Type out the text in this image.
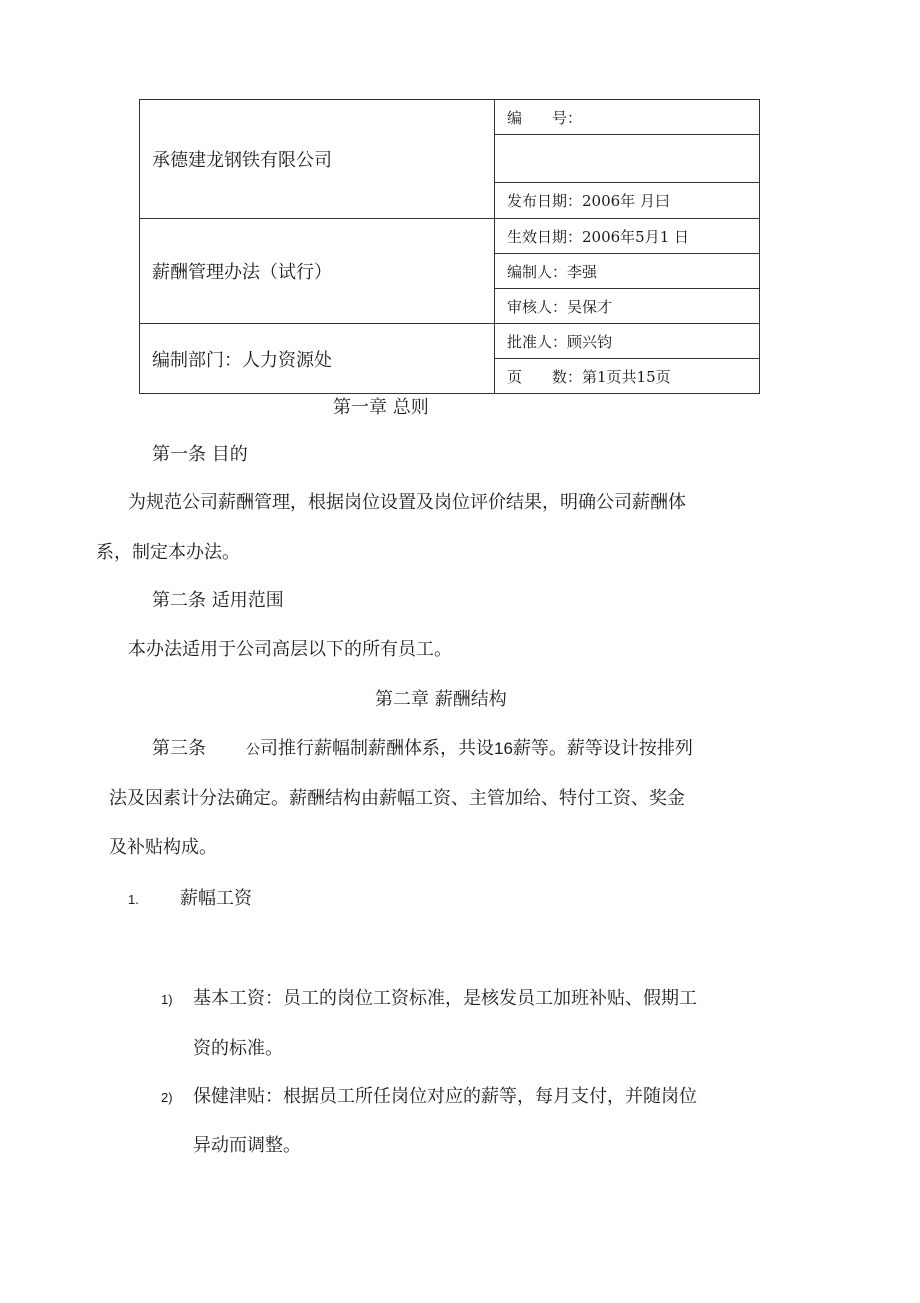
承德建龙钢铁有限公司	编　　号：

	发布日期：2006年 月曰
薪酬管理办法（试行）	生效日期：2006年5月1 日
	编制人：李强
	审核人：吴保才
编制部门：人力资源处	批准人：顾兴钧
	页　　数：第1页共15页
第一章 总则
第一条 目的
为规范公司薪酬管理，根据岗位设置及岗位评价结果，明确公司薪酬体
系，制定本办法。
第二条 适用范围
本办法适用于公司高层以下的所有员工。
第二章 薪酬结构
第三条	公司推行薪幅制薪酬体系，共设16薪等。薪等设计按排列
法及因素计分法确定。薪酬结构由薪幅工资、主管加给、特付工资、奖金
及补贴构成。
1. 薪幅工资
1) 基本工资：员工的岗位工资标准，是核发员工加班补贴、假期工
资的标准。
2) 保健津贴：根据员工所任岗位对应的薪等，每月支付，并随岗位
异动而调整。
